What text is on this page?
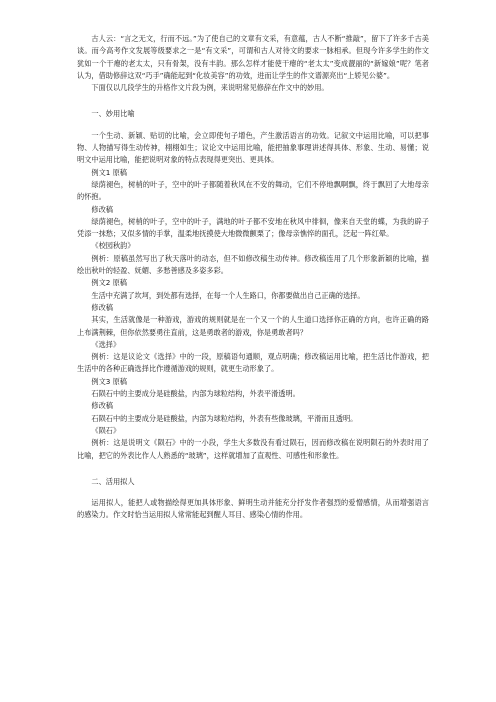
古人云：“言之无文，行而不远。”为了使自己的文章有文采，有意蕴，古人不断“推敲”，留下了许多千古美谈。而今高考作文发展等级要求之一是“有文采”，可谓和古人对待文的要求一脉相承。但现今许多学生的作文犹如一个干瘪的老太太，只有骨架，没有丰韵。那么怎样才能使干瘪的“老太太”变成靓丽的“新嫁娘”呢？笔者认为，借助修辞这双“巧手”确能起到“化妆美容”的功效，进而让学生的作文谱源亮出“上轿见公婆”。

下面仅以几段学生的升格作文片段为例，来说明常见修辞在作文中的妙用。

一、妙用比喻

一个生动、新颖、贴切的比喻，会立即使句子增色，产生激活语言的功效。记叙文中运用比喻，可以把事物、人物描写得生动传神，栩栩如生；议论文中运用比喻，能把抽象事理讲述得具体、形象、生动、易懂；说明文中运用比喻，能把说明对象的特点表现得更突出、更具体。

例文1 原稿

绿荫褪色，树梢的叶子，空中的叶子都随着秋风在不安的舞动，它们不停地飘啊飘，终于飘回了大地母亲的怀抱。

修改稿

绿荫褪色，树梢的叶子，空中的叶子，满地的叶子都不安地在秋风中徘徊，像来自天堂的蝶，为我的辟子凭添一抹愁；又似多情的手掌，温柔地抚摸使大地微微颤栗了；像母亲憔悴的面孔，泛起一阵红晕。

《校园秋韵》

例析：原稿虽然写出了秋天落叶的动态，但不如修改稿生动传神。修改稿连用了几个形象新颖的比喻，描绘出秋叶的轻盈、妩媚、多愁善感及多姿多彩。

例文2 原稿

生活中充满了坎坷，到处都有选择，在每一个人生路口，你都要做出自己正确的选择。

修改稿

其实，生活就像是一种游戏，游戏的规则就是在一个又一个的人生道口选择你正确的方向，也许正确的路上布满荆棘，但你依然要勇往直前，这是勇敢者的游戏，你是勇敢者吗？

《选择》

例析：这是议论文《选择》中的一段，原稿语句通顺，观点明确；修改稿运用比喻，把生活比作游戏，把生活中的各种正确选择比作遵循游戏的规则，就更生动形象了。

例文3 原稿

石陨石中的主要成分是硅酸盐，内部为球粒结构，外表平滑透明。

修改稿

石陨石中的主要成分是硅酸盐，内部为球粒结构，外表有些像玻璃，平滑而且透明。

《陨石》

例析：这是说明文《陨石》中的一小段，学生大多数没有看过陨石，因而修改稿在说明陨石的外表时用了比喻，把它的外表比作人人熟悉的“玻璃”，这样就增加了直观性、可感性和形象性。

二、活用拟人

运用拟人，能把人或物描绘得更加具体形象、鲜明生动并能充分抒发作者强烈的爱憎感情，从而增强语言的感染力。作文时恰当运用拟人常常能起到醒人耳目、感染心情的作用。
